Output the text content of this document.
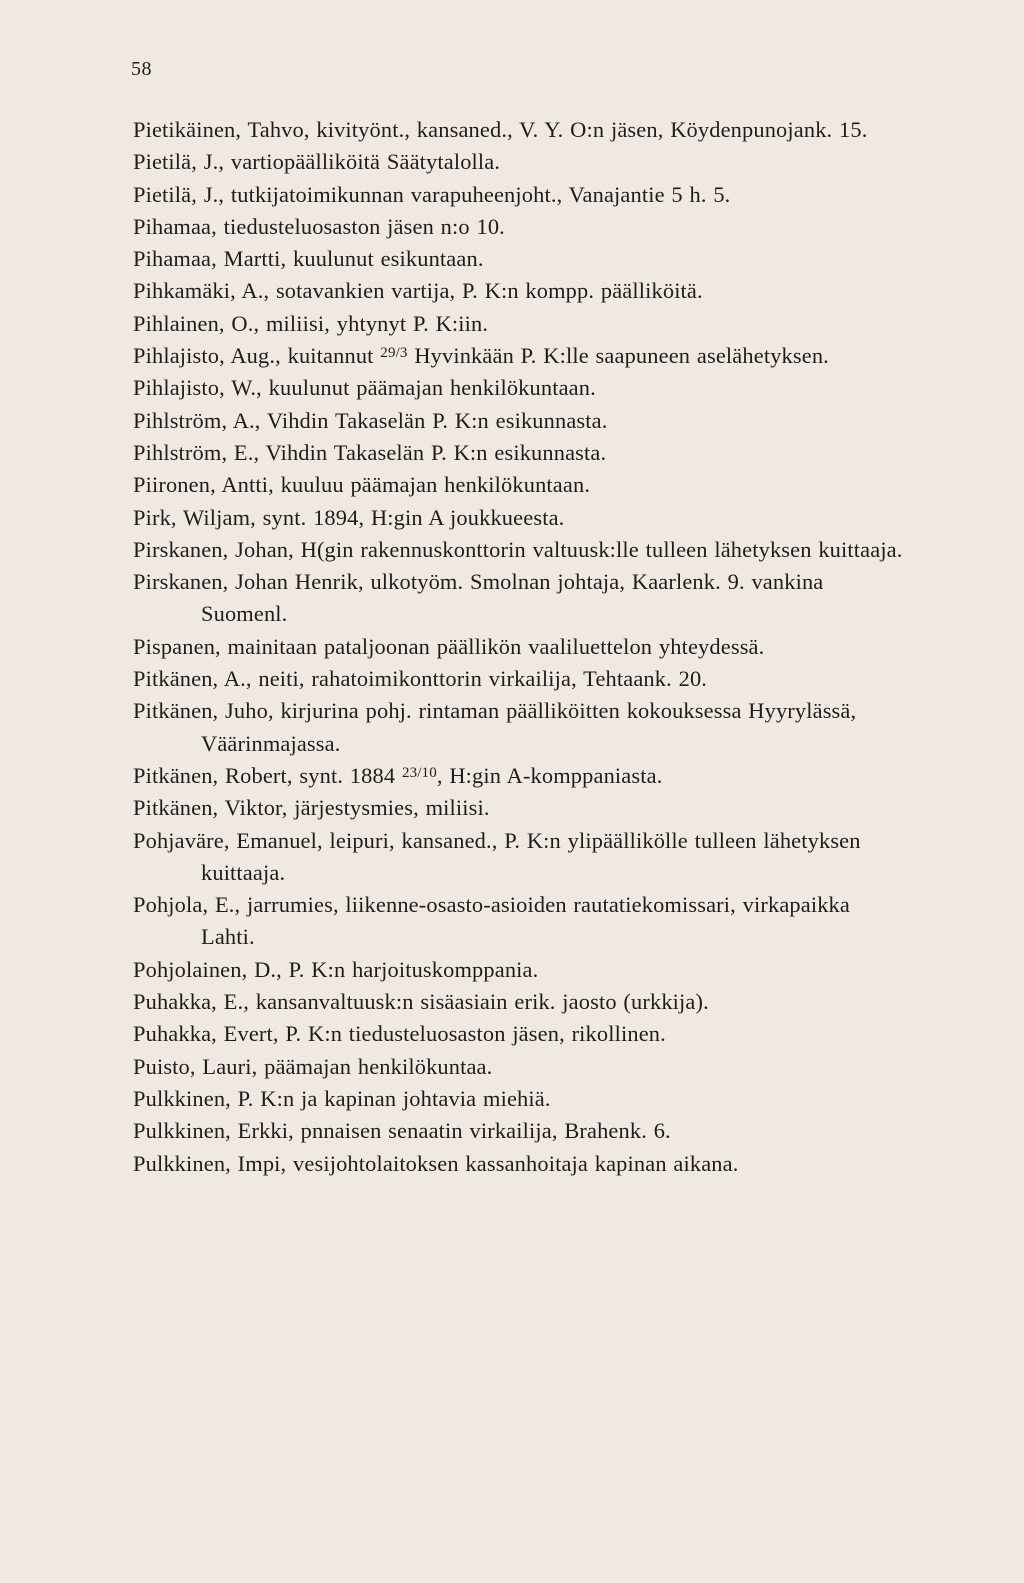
58
Pietikäinen, Tahvo, kivityönt., kansaned., V. Y. O:n jäsen, Köydenpunojank. 15.
Pietilä, J., vartiopäälliköitä Säätytalolla.
Pietilä, J., tutkijatoimikunnan varapuheenjoht., Vanajantie 5 h. 5.
Pihamaa, tiedusteluosaston jäsen n:o 10.
Pihamaa, Martti, kuulunut esikuntaan.
Pihkamäki, A., sotavankien vartija, P. K:n kompp. päälliköitä.
Pihlainen, O., miliisi, yhtynyt P. K:iin.
Pihlajisto, Aug., kuitannut $^{29/3}$ Hyvinkään P. K:lle saapuneen aselähetyksen.
Pihlajisto, W., kuulunut päämajan henkilökuntaan.
Pihlström, A., Vihdin Takaselän P. K:n esikunnasta.
Pihlström, E., Vihdin Takaselän P. K:n esikunnasta.
Piironen, Antti, kuuluu päämajan henkilökuntaan.
Pirk, Wiljam, synt. 1894, H:gin A joukkueesta.
Pirskanen, Johan, H(gin rakennuskonttorin valtuusk:lle tulleen lähetyksen kuittaaja.
Pirskanen, Johan Henrik, ulkotyöm. Smolnan johtaja, Kaarlenk. 9. vankina Suomenl.
Pispanen, mainitaan pataljoonan päällikön vaaliluettelon yhteydessä.
Pitkänen, A., neiti, rahatoimikonttorin virkailija, Tehtaank. 20.
Pitkänen, Juho, kirjurina pohj. rintaman päälliköitten kokouksessa Hyyrylässä, Väärinmajassa.
Pitkänen, Robert, synt. 1884 $^{23/10}$, H:gin A-komppaniasta.
Pitkänen, Viktor, järjestysmies, miliisi.
Pohjaväre, Emanuel, leipuri, kansaned., P. K:n ylipäällikölle tulleen lähetyksen kuittaaja.
Pohjola, E., jarrumies, liikenne-osasto-asioiden rautatiekomissari, virkapaikka Lahti.
Pohjolainen, D., P. K:n harjoituskomppania.
Puhakka, E., kansanvaltuusk:n sisäasiain erik. jaosto (urkkija).
Puhakka, Evert, P. K:n tiedusteluosaston jäsen, rikollinen.
Puisto, Lauri, päämajan henkilökuntaa.
Pulkkinen, P. K:n ja kapinan johtavia miehiä.
Pulkkinen, Erkki, pnnaisen senaatin virkailija, Brahenk. 6.
Pulkkinen, Impi, vesijohtolaitoksen kassanhoitaja kapinan aikana.
